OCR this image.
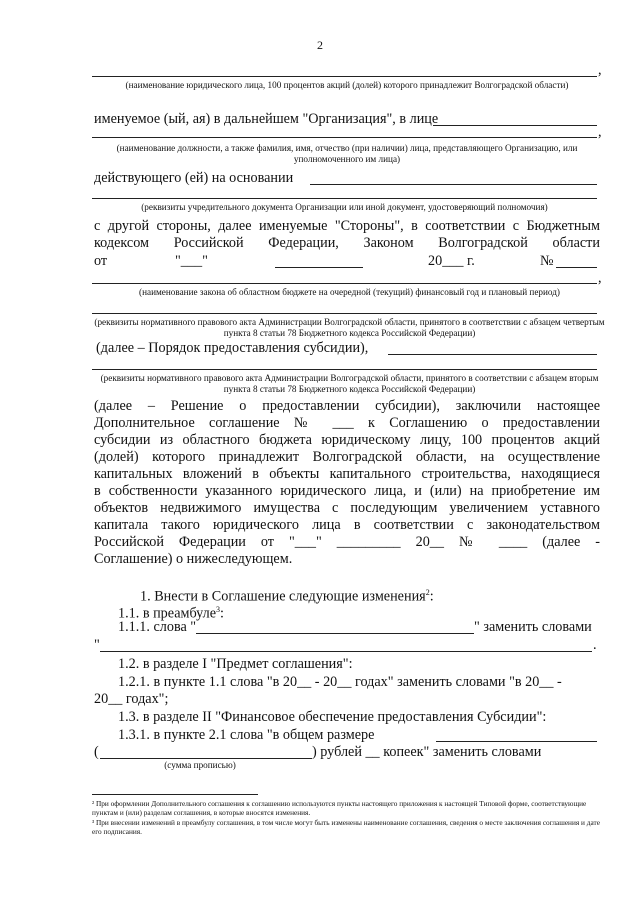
2
,
(наименование юридического лица, 100 процентов акций (долей) которого принадлежит Волгоградской области)
именуемое (ый, ая) в дальнейшем "Организация", в лице
,
(наименование должности, а также фамилия, имя, отчество (при наличии) лица, представляющего Организацию, или уполномоченного им лица)
действующего (ей) на основании
(реквизиты учредительного документа Организации или иной документ, удостоверяющий полномочия)
с другой стороны, далее именуемые "Стороны", в соответствии с Бюджетным
кодексом Российской Федерации, Законом Волгоградской области
от	"___"	20___ г.	№
,
(наименование закона об областном бюджете на очередной (текущий) финансовый год и плановый период)
(реквизиты нормативного правового акта Администрации Волгоградской области, принятого в соответствии с абзацем четвертым пункта 8 статьи 78 Бюджетного кодекса Российской Федерации)
(далее – Порядок предоставления субсидии),
(реквизиты нормативного правового акта Администрации Волгоградской области, принятого в соответствии с абзацем вторым пункта 8 статьи 78 Бюджетного кодекса Российской Федерации)
(далее – Решение о предоставлении субсидии), заключили настоящее
Дополнительное соглашение № ___ к Соглашению о предоставлении
субсидии из областного бюджета юридическому лицу, 100 процентов акций
(долей) которого принадлежит Волгоградской области, на осуществление
капитальных вложений в объекты капитального строительства, находящиеся
в собственности указанного юридического лица, и (или) на приобретение им
объектов недвижимого имущества с последующим увеличением уставного
капитала такого юридического лица в соответствии с законодательством
Российской Федерации от "___" _________ 20__ № ____ (далее -
Соглашение) о нижеследующем.
1. Внести в Соглашение следующие изменения$^2$:
1.1. в преамбуле$^3$:
1.1.1. слова "	" заменить словами
"	.
1.2. в разделе I "Предмет соглашения":
1.2.1. в пункте 1.1 слова "в 20__ - 20__ годах" заменить словами "в 20__ -
20__ годах";
1.3. в разделе II "Финансовое обеспечение предоставления Субсидии":
1.3.1. в пункте 2.1 слова "в общем размере
(	) рублей __ копеек" заменить словами
(сумма прописью)
² При оформлении Дополнительного соглашения к соглашению используются пункты настоящего приложения к настоящей Типовой форме, соответствующие пунктам и (или) разделам соглашения, в которые вносятся изменения.
³ При внесении изменений в преамбулу соглашения, в том числе могут быть изменены наименование соглашения, сведения о месте заключения соглашения и дате его подписания.
